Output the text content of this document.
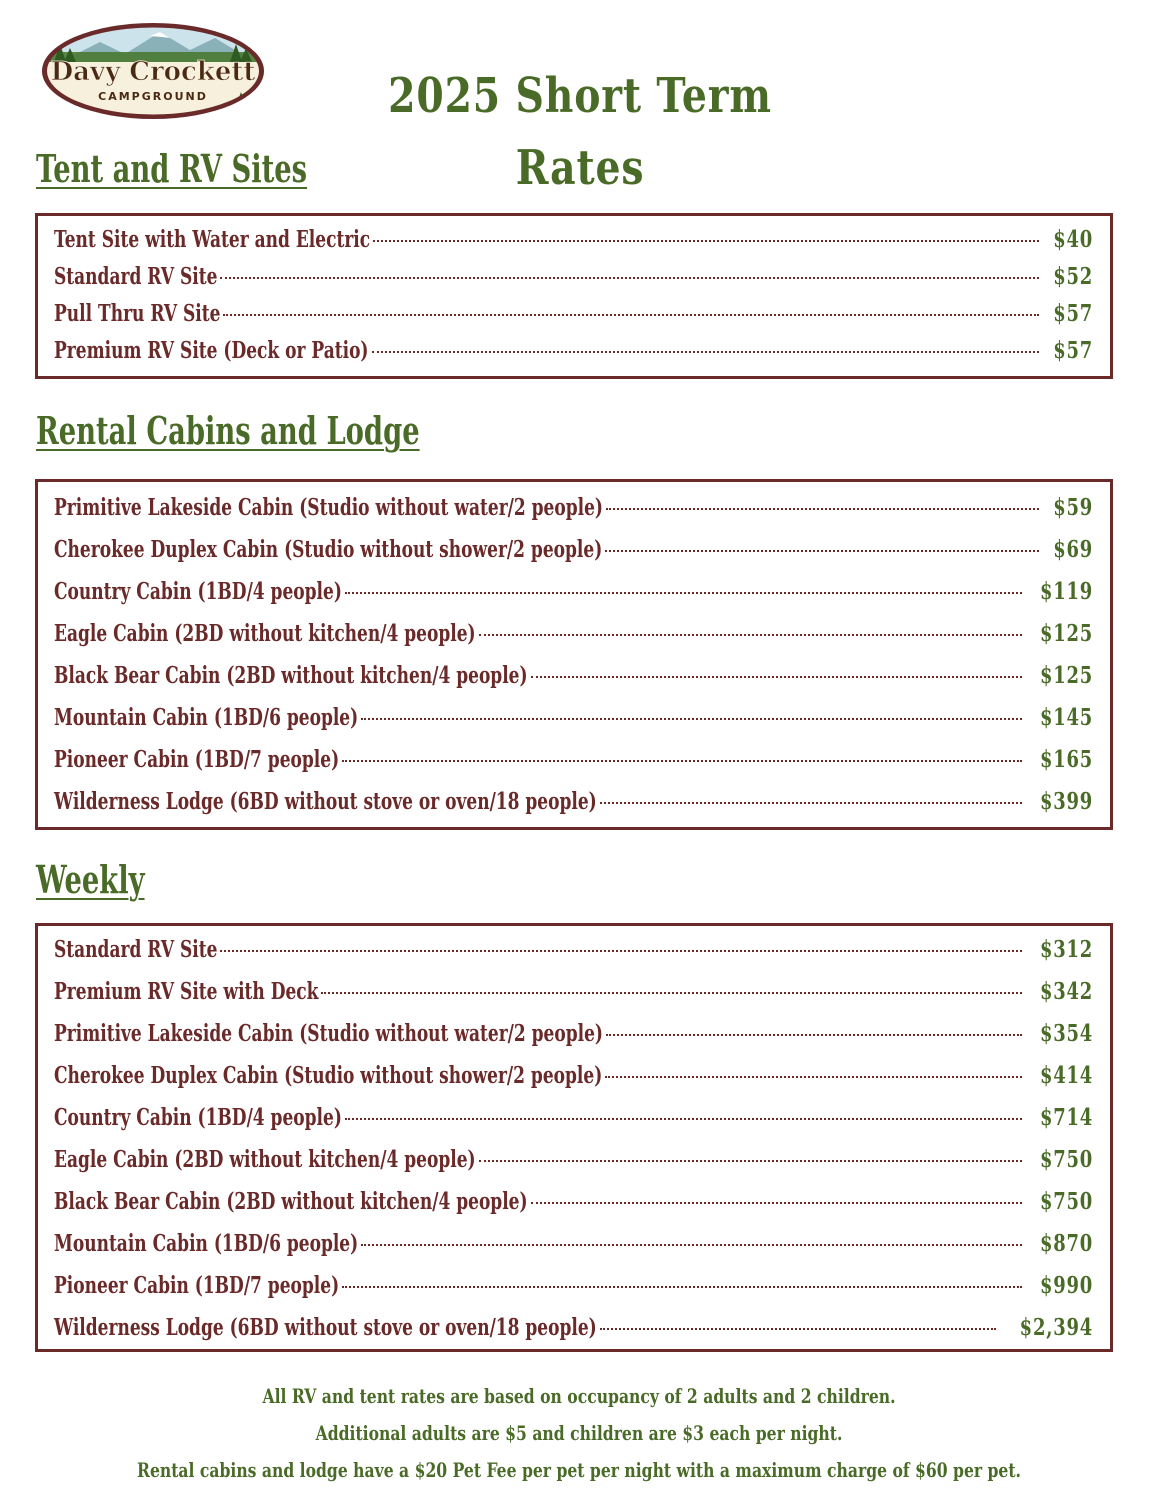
Davy Crockett
CAMPGROUND	2025 Short Term Rates
Tent and RV Sites
Tent Site with Water and Electric	$40
Standard RV Site	$52
Pull Thru RV Site	$57
Premium RV Site (Deck or Patio)	$57
Rental Cabins and Lodge
Primitive Lakeside Cabin (Studio without water/2 people)	$59
Cherokee Duplex Cabin (Studio without shower/2 people)	$69
Country Cabin (1BD/4 people)	$119
Eagle Cabin (2BD without kitchen/4 people)	$125
Black Bear Cabin (2BD without kitchen/4 people)	$125
Mountain Cabin (1BD/6 people)	$145
Pioneer Cabin (1BD/7 people)	$165
Wilderness Lodge (6BD without stove or oven/18 people)	$399
Weekly
Standard RV Site	$312
Premium RV Site with Deck	$342
Primitive Lakeside Cabin (Studio without water/2 people)	$354
Cherokee Duplex Cabin (Studio without shower/2 people)	$414
Country Cabin (1BD/4 people)	$714
Eagle Cabin (2BD without kitchen/4 people)	$750
Black Bear Cabin (2BD without kitchen/4 people)	$750
Mountain Cabin (1BD/6 people)	$870
Pioneer Cabin (1BD/7 people)	$990
Wilderness Lodge (6BD without stove or oven/18 people)	$2,394

All RV and tent rates are based on occupancy of 2 adults and 2 children.

Additional adults are $5 and children are $3 each per night.

Rental cabins and lodge have a $20 Pet Fee per pet per night with a maximum charge of $60 per pet.
